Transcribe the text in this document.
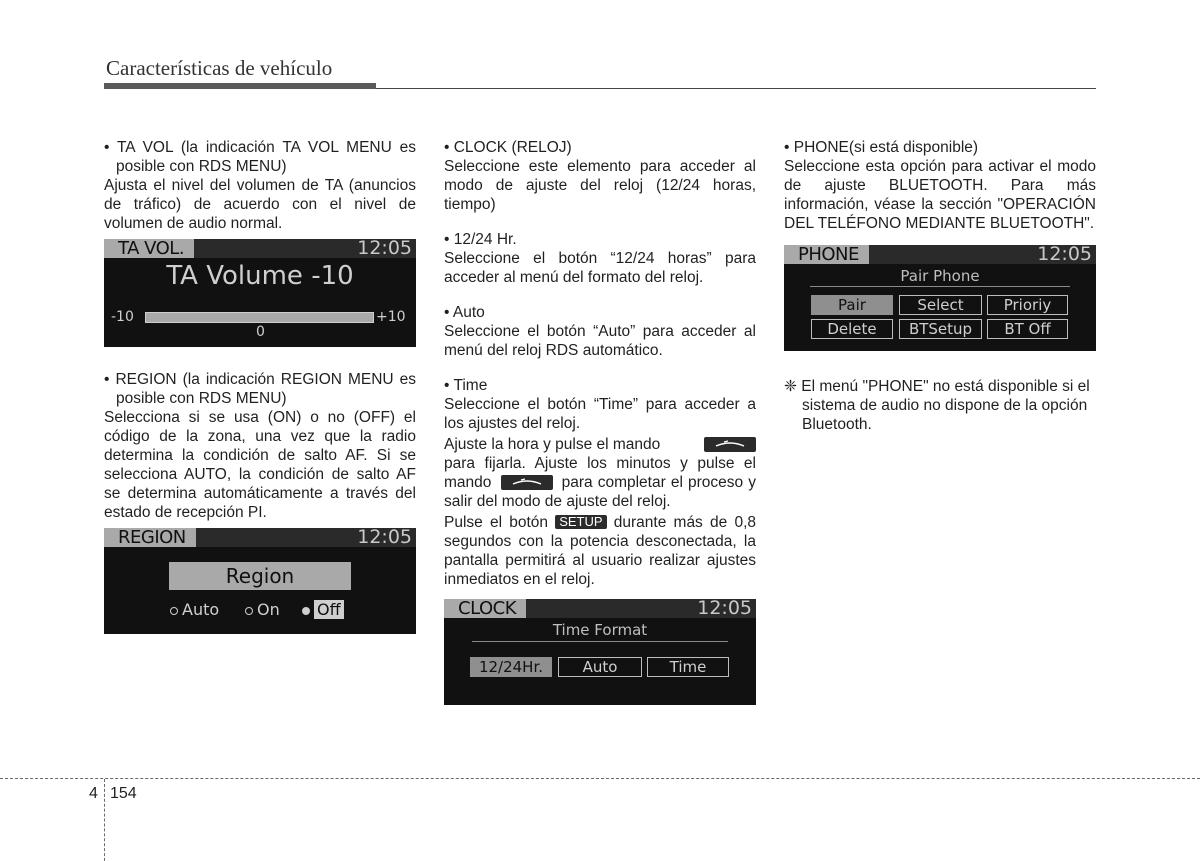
Características de vehículo

• TA VOL (la indicación TA VOL MENU es posible con RDS MENU)

Ajusta el nivel del volumen de TA (anuncios de tráfico) de acuerdo con el nivel de volumen de audio normal.

TA VOL.	12:05
TA Volume -10
-10	+10
0

• REGION (la indicación REGION MENU es posible con RDS MENU)

Selecciona si se usa (ON) o no (OFF) el código de la zona, una vez que la radio determina la condición de salto AF. Si se selecciona AUTO, la condición de salto AF se determina automáticamente a través del estado de recepción PI.

REGION	12:05
Region
Auto	On	Off

• CLOCK (RELOJ)

Seleccione este elemento para acceder al modo de ajuste del reloj (12/24 horas, tiempo)

• 12/24 Hr.

Seleccione el botón “12/24 horas” para acceder al menú del formato del reloj.

• Auto

Seleccione el botón “Auto” para acceder al menú del reloj RDS automático.

• Time

Seleccione el botón “Time” para acceder a los ajustes del reloj.

Ajuste la hora y pulse el mando

para fijarla. Ajuste los minutos y pulse el mando	para completar el proceso y salir del modo de ajuste del reloj.

Pulse el botón SETUP durante más de 0,8 segundos con la potencia desconectada, la pantalla permitirá al usuario realizar ajustes inmediatos en el reloj.

CLOCK	12:05
Time Format
12/24Hr.	Auto	Time

• PHONE(si está disponible)

Seleccione esta opción para activar el modo de ajuste BLUETOOTH. Para más información, véase la sección "OPERACIÓN DEL TELÉFONO MEDIANTE BLUETOOTH".

PHONE	12:05
Pair Phone
Pair	Select	Prioriy
Delete	BTSetup	BT Off

❈ El menú "PHONE" no está disponible si el sistema de audio no dispone de la opción Bluetooth.

4 154
